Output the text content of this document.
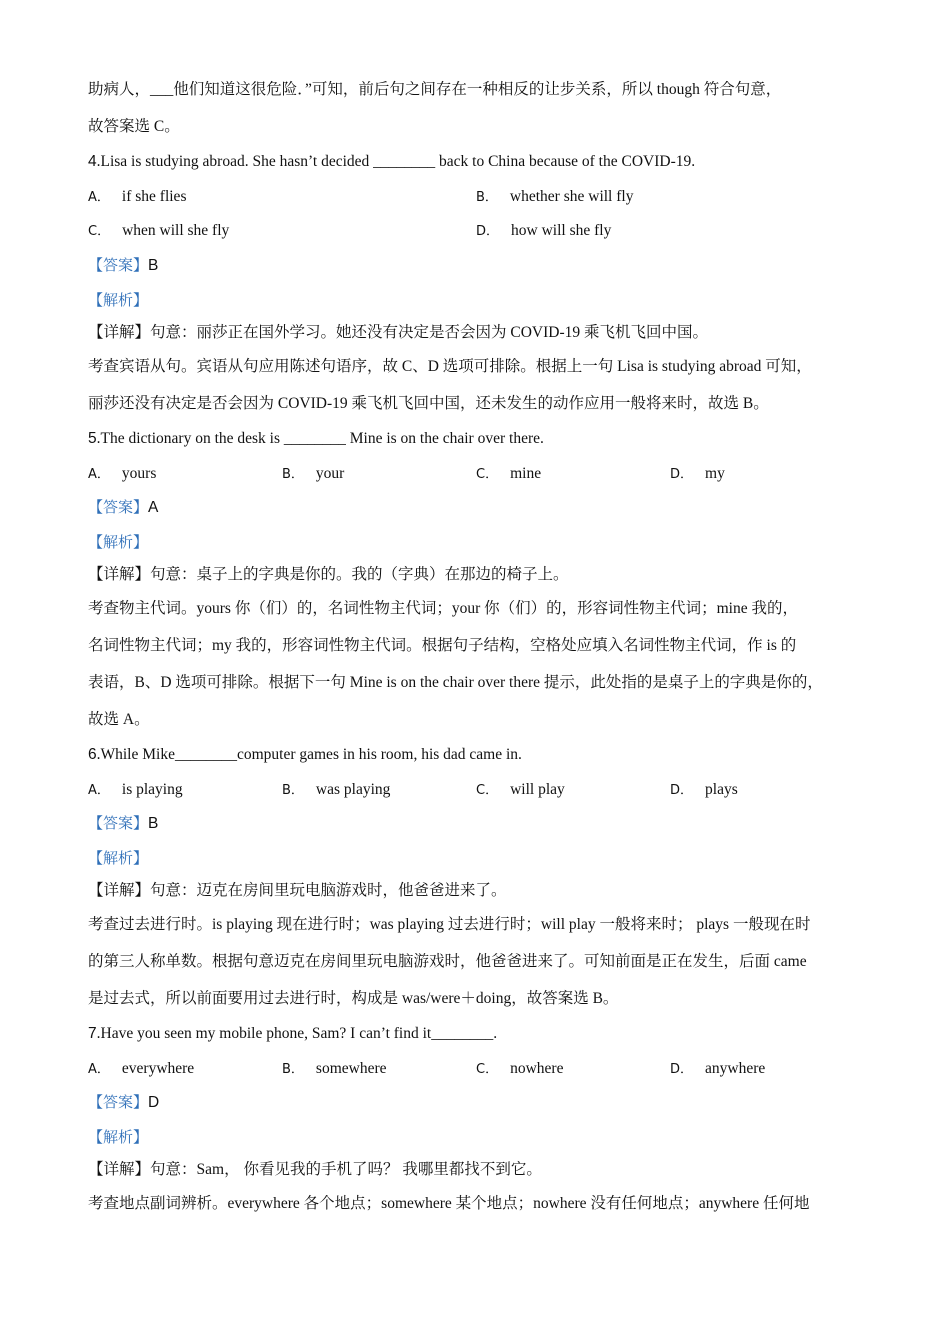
助病人，___他们知道这很危险．”可知，前后句之间存在一种相反的让步关系，所以 though 符合句意，
故答案选 C。
4.Lisa is studying abroad. She hasn’t decided ________ back to China because of the COVID-19.
A． if she flies	B． whether she will fly
C． when will she fly	D． how will she fly
【答案】B
【解析】
【详解】句意：丽莎正在国外学习。她还没有决定是否会因为 COVID-19 乘飞机飞回中国。
考查宾语从句。宾语从句应用陈述句语序，故 C、D 选项可排除。根据上一句 Lisa is studying abroad 可知，
丽莎还没有决定是否会因为 COVID-19 乘飞机飞回中国，还未发生的动作应用一般将来时，故选 B。
5.The dictionary on the desk is ________ Mine is on the chair over there.
A． yours	B． your	C． mine	D． my
【答案】A
【解析】
【详解】句意：桌子上的字典是你的。我的（字典）在那边的椅子上。
考查物主代词。yours 你（们）的，名词性物主代词；your 你（们）的，形容词性物主代词；mine 我的，
名词性物主代词；my 我的，形容词性物主代词。根据句子结构，空格处应填入名词性物主代词，作 is 的
表语，B、D 选项可排除。根据下一句 Mine is on the chair over there 提示，此处指的是桌子上的字典是你的，
故选 A。
6.While Mike________computer games in his room, his dad came in.
A． is playing	B． was playing	C． will play	D． plays
【答案】B
【解析】
【详解】句意：迈克在房间里玩电脑游戏时，他爸爸进来了。
考查过去进行时。is playing 现在进行时；was playing 过去进行时；will play 一般将来时； plays 一般现在时
的第三人称单数。根据句意迈克在房间里玩电脑游戏时，他爸爸进来了。可知前面是正在发生，后面 came
是过去式，所以前面要用过去进行时，构成是 was/were＋doing，故答案选 B。
7.Have you seen my mobile phone, Sam? I can’t find it________.
A． everywhere	B． somewhere	C． nowhere	D． anywhere
【答案】D
【解析】
【详解】句意：Sam， 你看见我的手机了吗？ 我哪里都找不到它。
考查地点副词辨析。everywhere 各个地点；somewhere 某个地点；nowhere 没有任何地点；anywhere 任何地
